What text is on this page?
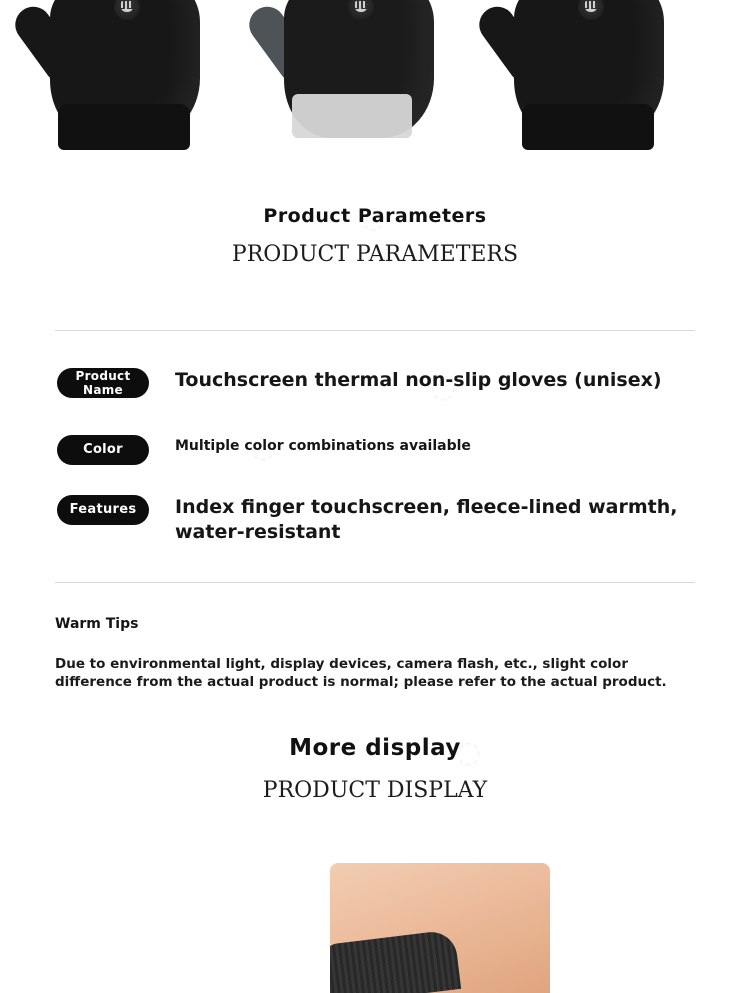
Product Parameters
PRODUCT PARAMETERS
Product Name	Touchscreen thermal non-slip gloves (unisex)
Color	Multiple color combinations available
Features	Index finger touchscreen, fleece-lined warmth, water-resistant
Warm Tips
Due to environmental light, display devices, camera flash, etc., slight color difference from the actual product is normal; please refer to the actual product.
More display
PRODUCT DISPLAY
